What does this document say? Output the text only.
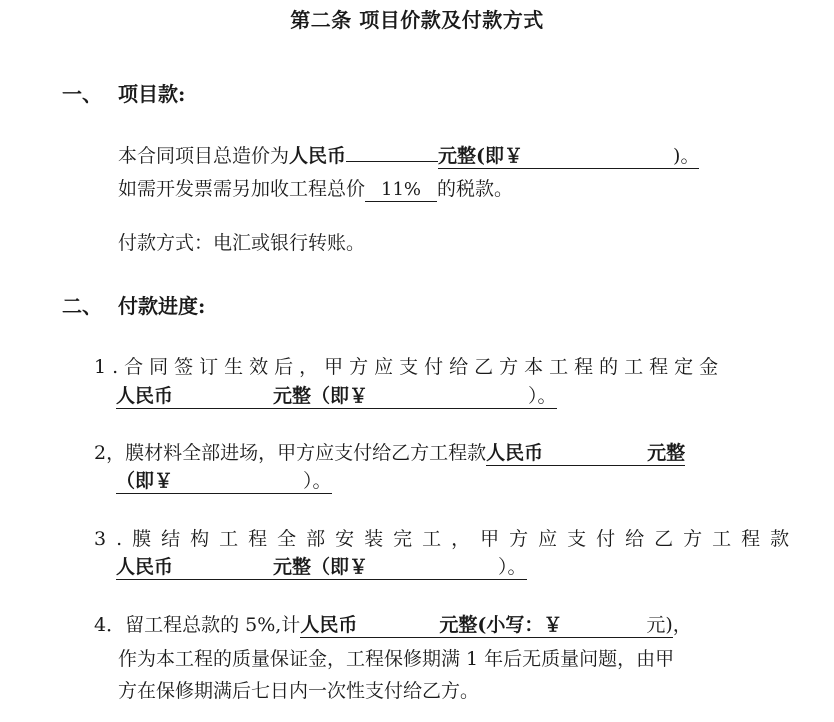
第二条 项目价款及付款方式
一、 项目款:
本合同项目总造价为人民币	元整(即￥	)。
如需开发票需另加收工程总价 11% 的税款。
付款方式：电汇或银行转账。
二、 付款进度:
1.合同签订生效后，甲方应支付给乙方本工程的工程定金
人民币	元整（即￥	）。
2，膜材料全部进场，甲方应支付给乙方工程款人民币	元整
（即￥	）。
3.膜结构工程全部安装完工，甲方应支付给乙方工程款
人民币	元整（即￥	）。
4．留工程总款的 5%,计人民币	元整(小写：￥	元)，
作为本工程的质量保证金，工程保修期满 1 年后无质量问题，由甲
方在保修期满后七日内一次性支付给乙方。
